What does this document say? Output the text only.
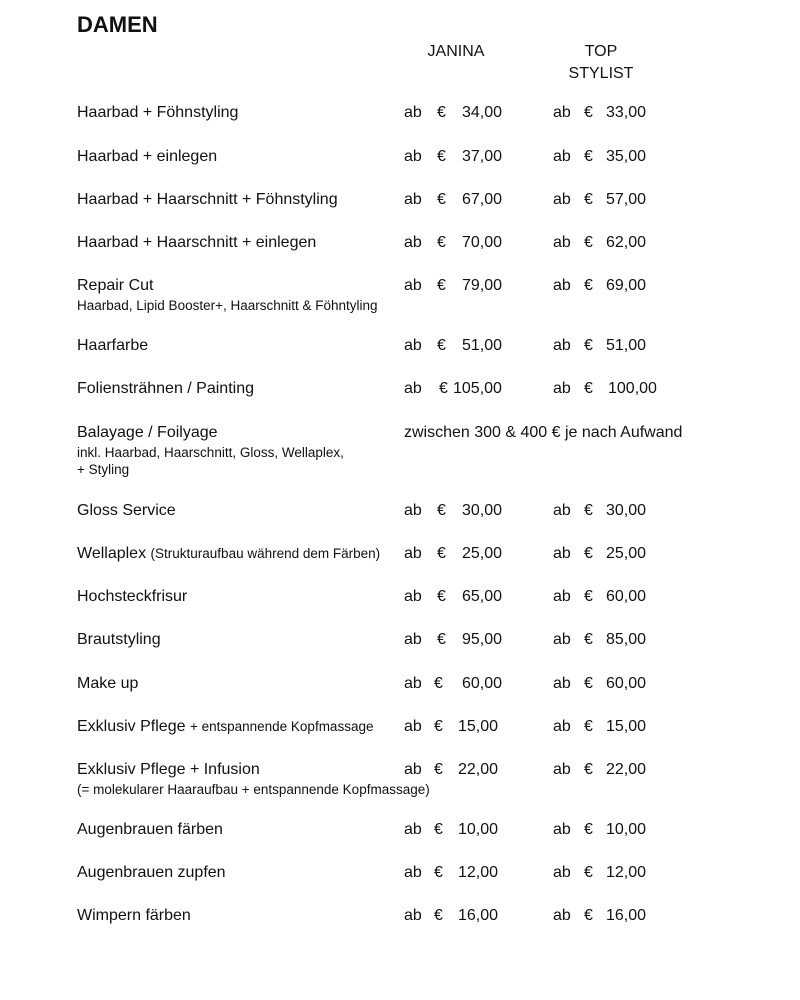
DAMEN
JANINA	TOP
STYLIST
Haarbad + Föhnstyling	ab € 34,00	ab € 33,00
Haarbad + einlegen	ab € 37,00	ab € 35,00
Haarbad + Haarschnitt + Föhnstyling	ab € 67,00	ab € 57,00
Haarbad + Haarschnitt + einlegen	ab € 70,00	ab € 62,00
Repair Cut
Haarbad, Lipid Booster+, Haarschnitt & Föhntyling
ab € 79,00	ab € 69,00
Haarfarbe	ab € 51,00	ab € 51,00
Foliensträhnen / Painting	ab € 105,00	ab € 100,00
Balayage / Foilyage
inkl. Haarbad, Haarschnitt, Gloss, Wellaplex,
+ Styling
zwischen 300 & 400 € je nach Aufwand
Gloss Service	ab € 30,00	ab € 30,00
Wellaplex (Strukturaufbau während dem Färben) ab € 25,00	ab € 25,00
Hochsteckfrisur	ab € 65,00	ab € 60,00
Brautstyling	ab € 95,00	ab € 85,00
Make up	ab € 60,00	ab € 60,00
Exklusiv Pflege + entspannende Kopfmassage ab € 15,00	ab € 15,00
Exklusiv Pflege + Infusion
(= molekularer Haaraufbau + entspannende Kopfmassage)
ab € 22,00	ab € 22,00
Augenbrauen färben	ab € 10,00	ab € 10,00
Augenbrauen zupfen	ab € 12,00	ab € 12,00
Wimpern färben	ab € 16,00	ab € 16,00
